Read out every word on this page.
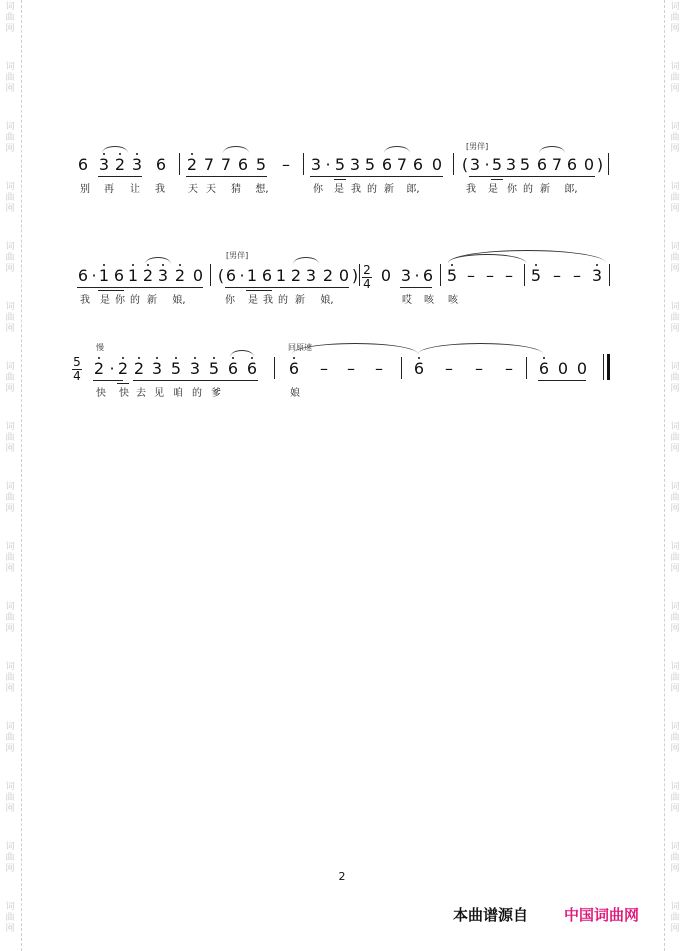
词
曲
网
词
曲
网
词
曲
网
词
曲
网
词
曲
网
词
曲
网
词
曲
网
词
曲
网
词
曲
网
词
曲
网
词
曲
网
词
曲
网
词
曲
网
词
曲
网
词
曲
网
词
曲
网
词
曲
网
词
曲
网
词
曲
网
词
曲
网
词
曲
网
词
曲
网
词
曲
网
词
曲
网
词
曲
网
词
曲
网
词
曲
网
词
曲
网
词
曲
网
词
曲
网
词
曲
网
词
曲
网
[男伴]
6 3 2 3 6 2 7 7 6 5 – 3 · 5 3 5 6 7 6 0 ( 3 · 5 3 5 6 7 6 0 )
别	再	让	我	天 天	猜	想,	你	是 我 的 新	郎,	我	是 你 的 新	郎,
[男伴]
6 · 1 6 1 2 3 2 0 ( 6 · 1 6 1 2 3 2 0 ) 2
4 0 3 · 6 5 – – – 5 – – 3
我	是 你 的 新	娘,	你	是 我 的 新	娘,	哎	咳	咳
慢	回原速
5
4 2 · 2 2 3 5 3 5 6 6 6 – – – 6 – – – 6 0 0
快	快 去 见 咱 的 爹	娘
2
本曲谱源自 中国词曲网
